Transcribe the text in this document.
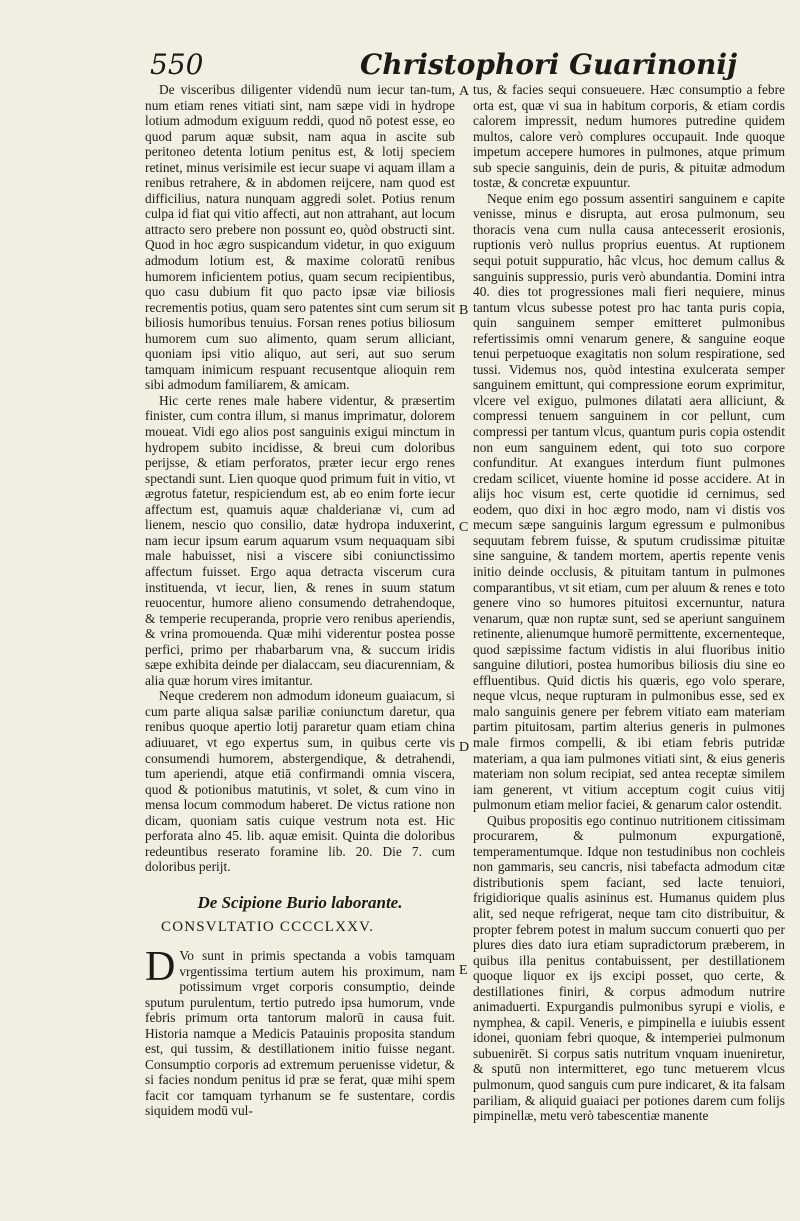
550	Christophori Guarinonij
A
B
C
D
E

De visceribus diligenter videndū num iecur tan-tum, num etiam renes vitiati sint, nam sæpe vidi in hydrope lotium admodum exiguum reddi, quod nō potest esse, eo quod parum aquæ subsit, nam aqua in ascite sub peritoneo detenta lotium penitus est, & lotij speciem retinet, minus verisimile est iecur suape vi aquam illam a renibus retrahere, & in abdomen reijcere, nam quod est difficilius, natura nunquam aggredi solet. Potius renum culpa id fiat qui vitio affecti, aut non attrahant, aut locum attracto sero prebere non possunt eo, quòd obstructi sint. Quod in hoc ægro suspicandum videtur, in quo exiguum admodum lotium est, & maxime coloratū renibus humorem inficientem potius, quam secum recipientibus, quo casu dubium fit quo pacto ipsæ viæ biliosis recrementis potius, quam sero patentes sint cum serum sit biliosis humoribus tenuius. Forsan renes potius biliosum humorem cum suo alimento, quam serum alliciant, quoniam ipsi vitio aliquo, aut seri, aut suo serum tamquam inimicum respuant recusentque alioquin rem sibi admodum familiarem, & amicam.

Hic certe renes male habere videntur, & præsertim finister, cum contra illum, si manus imprimatur, dolorem moueat. Vidi ego alios post sanguinis exigui minctum in hydropem subito incidisse, & breui cum doloribus perijsse, & etiam perforatos, præter iecur ergo renes spectandi sunt. Lien quoque quod primum fuit in vitio, vt ægrotus fatetur, respiciendum est, ab eo enim forte iecur affectum est, quamuis aquæ chalderianæ vi, cum ad lienem, nescio quo consilio, datæ hydropa induxerint, nam iecur ipsum earum aquarum vsum nequaquam sibi male habuisset, nisi a viscere sibi coniunctissimo affectum fuisset. Ergo aqua detracta viscerum cura instituenda, vt iecur, lien, & renes in suum statum reuocentur, humore alieno consumendo detrahendoque, & temperie recuperanda, proprie vero renibus aperiendis, & vrina promouenda. Quæ mihi viderentur postea posse perfici, primo per rhabarbarum vna, & succum iridis sæpe exhibita deinde per dialaccam, seu diacurenniam, & alia quæ horum vires imitantur.

Neque crederem non admodum idoneum guaiacum, si cum parte aliqua salsæ pariliæ coniunctum daretur, qua renibus quoque apertio lotij pararetur quam etiam china adiuuaret, vt ego expertus sum, in quibus certe vis consumendi humorem, abstergendique, & detrahendi, tum aperiendi, atque etiā confirmandi omnia viscera, quod & potionibus matutinis, vt solet, & cum vino in mensa locum commodum haberet. De victus ratione non dicam, quoniam satis cuique vestrum nota est. Hic perforata alno 45. lib. aquæ emisit. Quinta die doloribus redeuntibus reserato foramine lib. 20. Die 7. cum doloribus perijt.

De Scipione Burio laborante.
CONSVLTATIO CCCCLXXV.
D Vo sunt in primis spectanda a vobis tamquam vrgentissima tertium autem his proximum, nam potissimum vrget corporis consumptio, deinde sputum purulentum, tertio putredo ipsa humorum, vnde febris primum orta tantorum malorū in causa fuit. Historia namque a Medicis Patauinis proposita standum est, qui tussim, & destillationem initio fuisse negant. Consumptio corporis ad extremum peruenisse videtur, & si facies nondum penitus id præ se ferat, quæ mihi spem facit cor tamquam tyrhanum se fe sustentare, cordis siquidem modū vul-

tus, & facies sequi consueuere. Hæc consumptio a febre orta est, quæ vi sua in habitum corporis, & etiam cordis calorem impressit, nedum humores putredine quidem multos, calore verò complures occupauit. Inde quoque impetum accepere humores in pulmones, atque primum sub specie sanguinis, dein de puris, & pituitæ admodum tostæ, & concretæ expuuntur.

Neque enim ego possum assentiri sanguinem e capite venisse, minus e disrupta, aut erosa pulmonum, seu thoracis vena cum nulla causa antecesserit erosionis, ruptionis verò nullus proprius euentus. At ruptionem sequi potuit suppuratio, hâc vlcus, hoc demum callus & sanguinis suppressio, puris verò abundantia. Domini intra 40. dies tot progressiones mali fieri nequiere, minus tantum vlcus subesse potest pro hac tanta puris copia, quin sanguinem semper emitteret pulmonibus refertissimis omni venarum genere, & sanguine eoque tenui perpetuoque exagitatis non solum respiratione, sed tussi. Videmus nos, quòd intestina exulcerata semper sanguinem emittunt, qui compressione eorum exprimitur, vlcere vel exiguo, pulmones dilatati aera alliciunt, & compressi tenuem sanguinem in cor pellunt, cum compressi per tantum vlcus, quantum puris copia ostendit non eum sanguinem edent, qui toto suo corpore confunditur. At exangues interdum fiunt pulmones credam scilicet, viuente homine id posse accidere. At in alijs hoc visum est, certe quotidie id cernimus, sed eodem, quo dixi in hoc ægro modo, nam vi distis vos mecum sæpe sanguinis largum egressum e pulmonibus sequutam febrem fuisse, & sputum crudissimæ pituitæ sine sanguine, & tandem mortem, apertis repente venis initio deinde occlusis, & pituitam tantum in pulmones comparantibus, vt sit etiam, cum per aluum & renes e toto genere vino so humores pituitosi excernuntur, natura venarum, quæ non ruptæ sunt, sed se aperiunt sanguinem retinente, alienumque humorē permittente, excernenteque, quod sæpissime factum vidistis in alui fluoribus initio sanguine dilutiori, postea humoribus biliosis diu sine eo effluentibus. Quid dictis his quæris, ego volo sperare, neque vlcus, neque rupturam in pulmonibus esse, sed ex malo sanguinis genere per febrem vitiato eam materiam partim pituitosam, partim alterius generis in pulmones male firmos compelli, & ibi etiam febris putridæ materiam, a qua iam pulmones vitiati sint, & eius generis materiam non solum recipiat, sed antea receptæ similem iam generent, vt vitium acceptum cogit cuius vitij pulmonum etiam melior faciei, & genarum calor ostendit.

Quibus propositis ego continuo nutritionem citissimam procurarem, & pulmonum expurgationē, temperamentumque. Idque non testudinibus non cochleis non gammaris, seu cancris, nisi tabefacta admodum citæ distributionis spem faciant, sed lacte tenuiori, frigidiorique qualis asininus est. Humanus quidem plus alit, sed neque refrigerat, neque tam cito distribuitur, & propter febrem potest in malum succum conuerti quo per plures dies dato iura etiam supradictorum præberem, in quibus illa penitus contabuissent, per destillationem quoque liquor ex ijs excipi posset, quo certe, & destillationes finiri, & corpus admodum nutrire animaduerti. Expurgandis pulmonibus syrupi e violis, e nymphea, & capil. Veneris, e pimpinella e iuiubis essent idonei, quoniam febri quoque, & intemperiei pulmonum subuenirēt. Si corpus satis nutritum vnquam inueniretur, & sputū non intermitteret, ego tunc metuerem vlcus pulmonum, quod sanguis cum pure indicaret, & ita falsam pariliam, & aliquid guaiaci per potiones darem cum folijs pimpinellæ, metu verò tabescentiæ manente
